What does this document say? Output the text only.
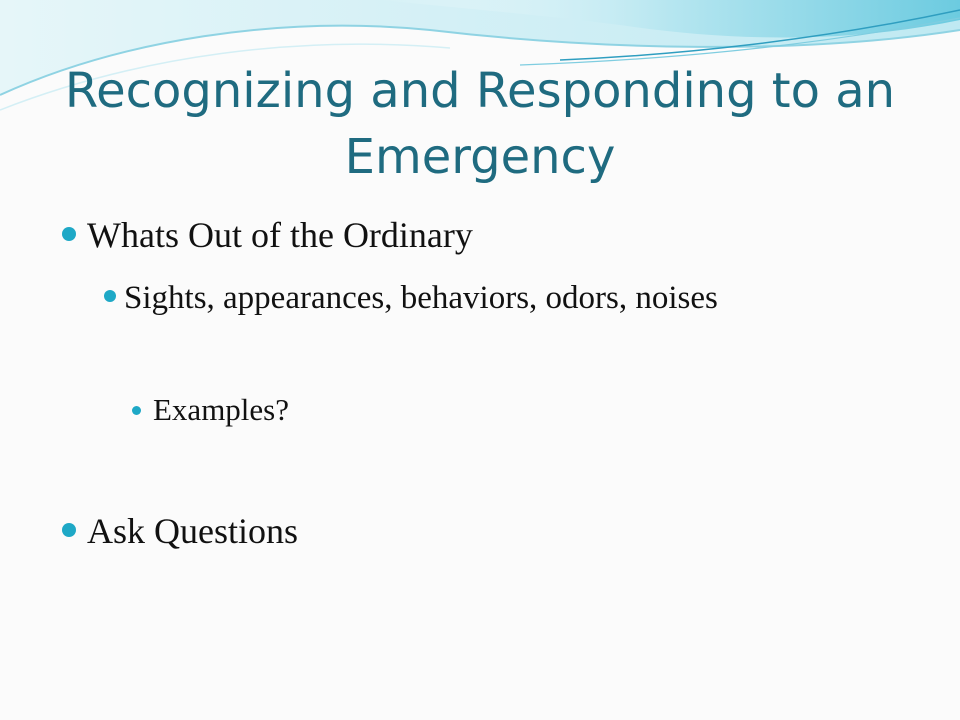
Recognizing and Responding to an Emergency
Whats Out of the Ordinary
Sights, appearances, behaviors, odors, noises
Examples?
Ask Questions
